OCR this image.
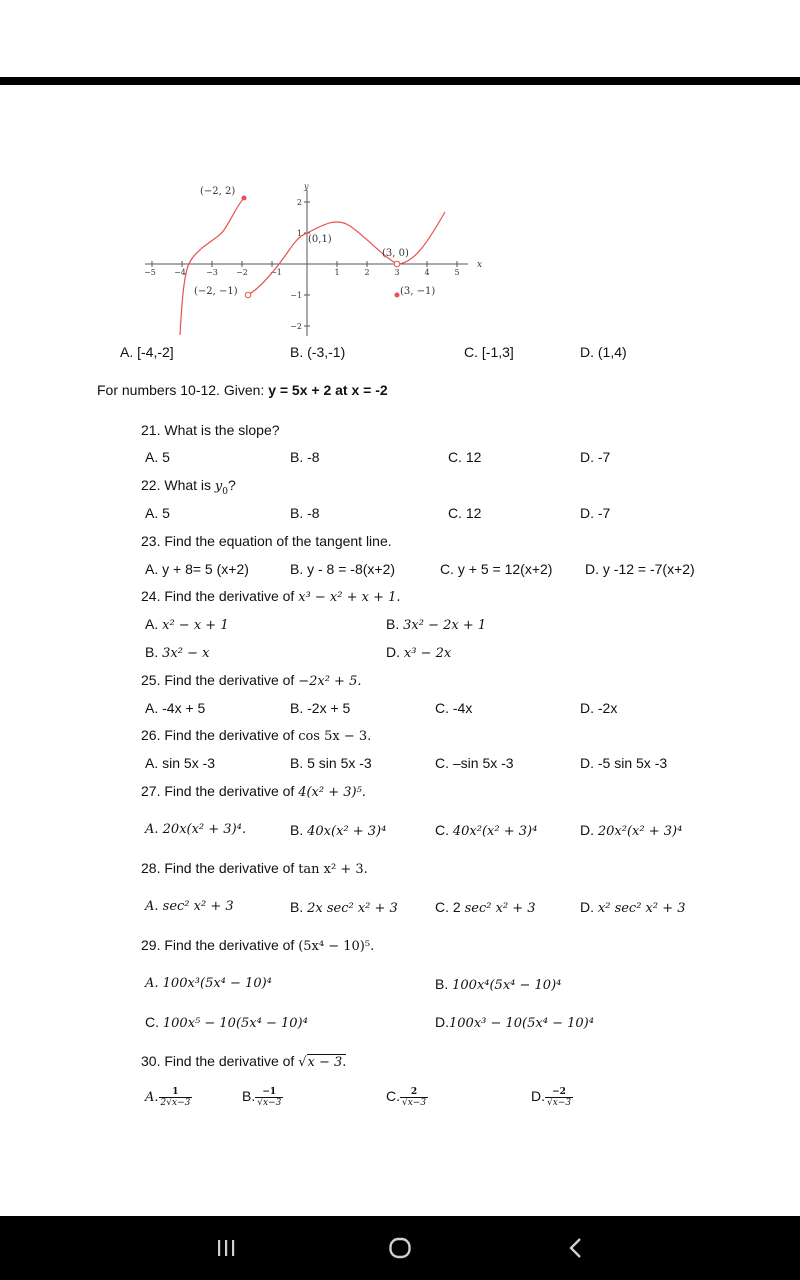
−5 −4	−3 −2	−1	1	2	3	4	5
2
1
−1
−2
x
y
(−2, 2)
(0,1)
(3, 0)
(−2, −1)	(3, −1)
A. [-4,-2]	B. (-3,-1)	C. [-1,3]	D. (1,4)
For numbers 10-12. Given: y = 5x + 2 at x = -2
21. What is the slope?
A. 5	B. -8	C. 12	D. -7
22. What is $y_0$?
A. 5	B. -8	C. 12	D. -7
23. Find the equation of the tangent line.
A. y + 8= 5 (x+2)	B. y - 8 = -8(x+2)	C. y + 5 = 12(x+2) D. y -12 = -7(x+2)
24. Find the derivative of x³ − x² + x + 1.
A. x² − x + 1	B. 3x² − 2x + 1
B. 3x² − x	D. x³ − 2x
25. Find the derivative of −2x² + 5.
A. -4x + 5	B. -2x + 5	C. -4x	D. -2x
26. Find the derivative of cos 5x − 3.
A. sin 5x -3	B. 5 sin 5x -3	C. –sin 5x -3	D. -5 sin 5x -3
27. Find the derivative of 4(x² + 3)⁵.
A. 20x(x² + 3)⁴.	B. 40x(x² + 3)⁴	C. 40x²(x² + 3)⁴	D. 20x²(x² + 3)⁴
28. Find the derivative of tan x² + 3.
A. sec² x² + 3	B. 2x sec² x² + 3	C. 2 sec² x² + 3	D. x² sec² x² + 3
29. Find the derivative of (5x⁴ − 10)⁵.
A. 100x³(5x⁴ − 10)⁴	B. 100x⁴(5x⁴ − 10)⁴
C. 100x⁵ − 10(5x⁴ − 10)⁴	D.100x³ − 10(5x⁴ − 10)⁴
30. Find the derivative of √x − 3.
A. $\frac{1}{2√x-3}$	B. $\frac{-1}{√x-3}$	C. $\frac{2}{√x-3}$	D. $\frac{-2}{√x-3}$
